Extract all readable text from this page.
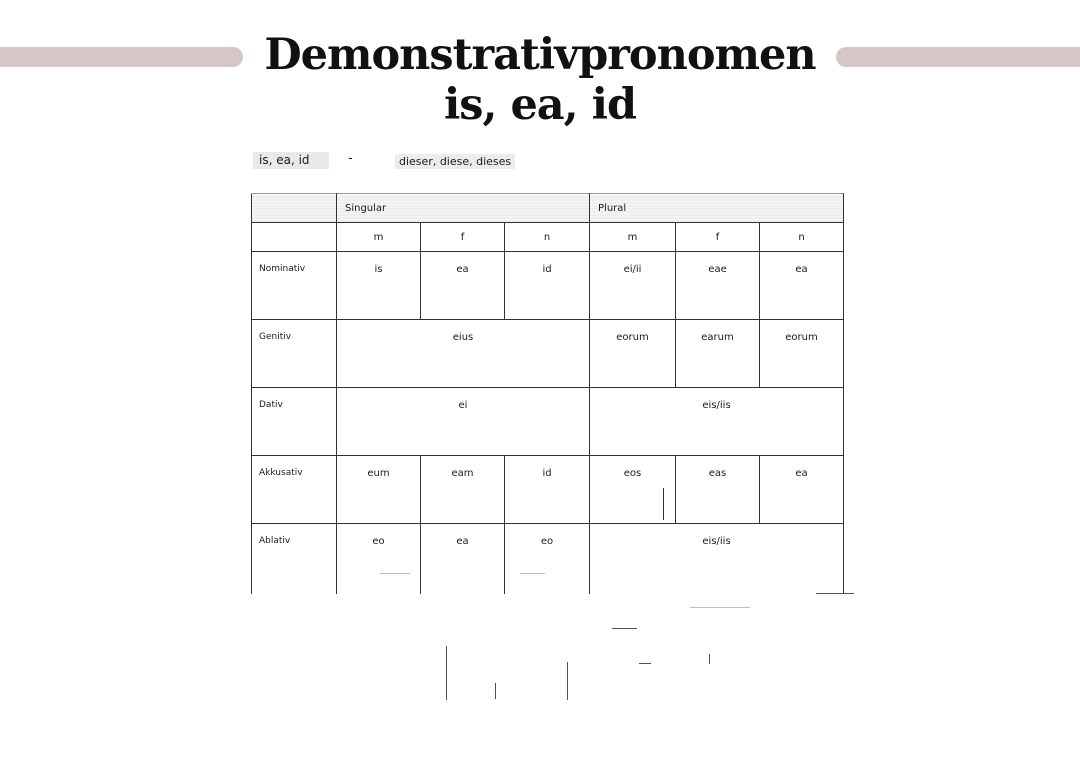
Demonstrativpronomen is, ea, id
is, ea, id	-	dieser, diese, dieses
	Singular			Plural		
	m	f	n	m	f	n
Nominativ	is	ea	id	ei/ii	eae	ea
Genitiv	eius			eorum	earum	eorum
Dativ	ei			eis/iis		
Akkusativ	eum	eam	id	eos	eas	ea
Ablativ	eo	ea	eo	eis/iis		
